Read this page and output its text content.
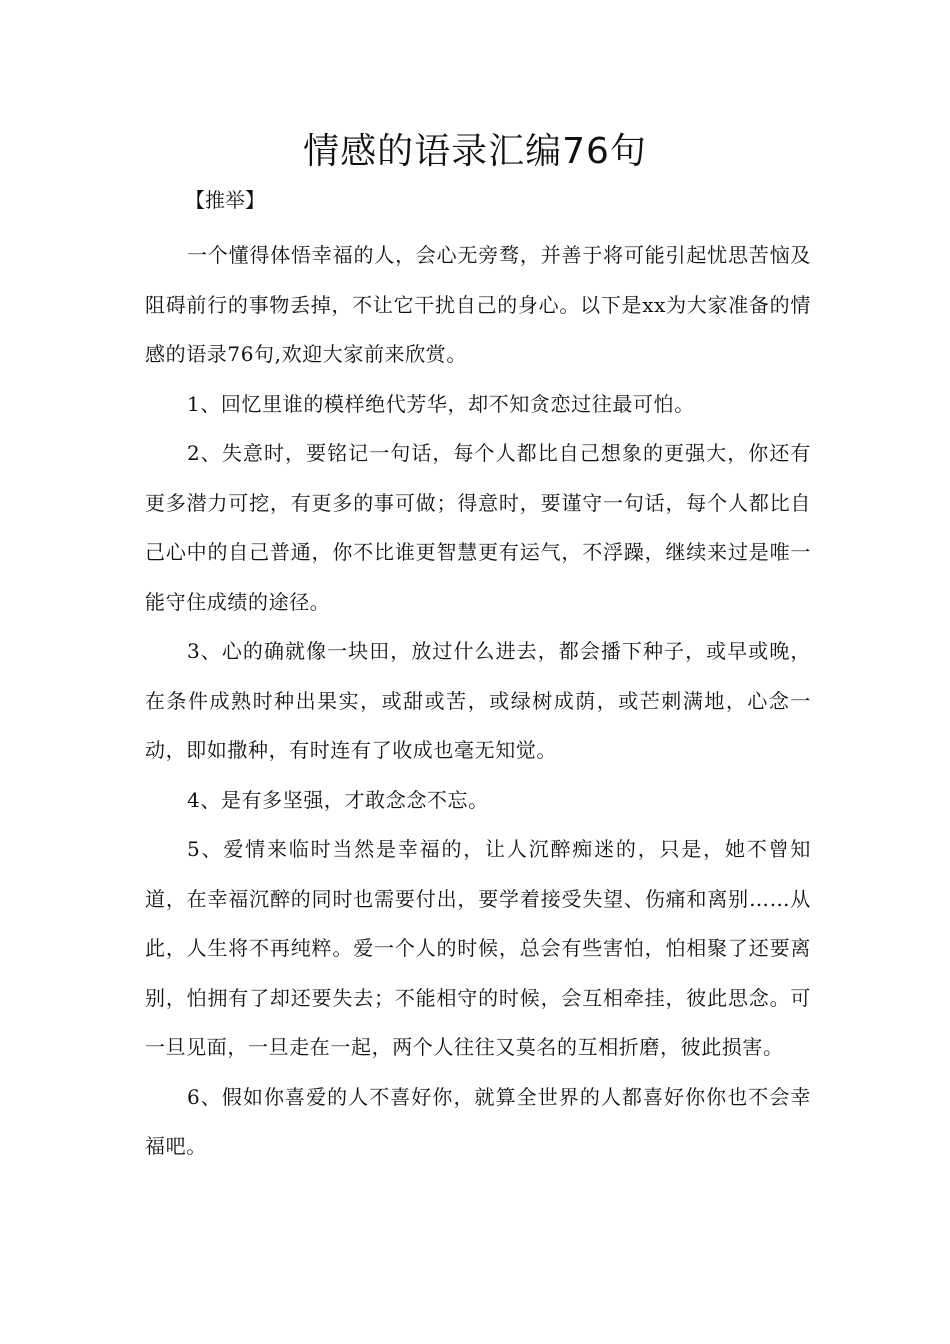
情感的语录汇编76句

【推举】

一个懂得体悟幸福的人，会心无旁骛，并善于将可能引起忧思苦恼及阻碍前行的事物丢掉，不让它干扰自己的身心。以下是xx为大家准备的情感的语录76句,欢迎大家前来欣赏。

1、回忆里谁的模样绝代芳华，却不知贪恋过往最可怕。

2、失意时，要铭记一句话，每个人都比自己想象的更强大，你还有更多潜力可挖，有更多的事可做；得意时，要谨守一句话，每个人都比自己心中的自己普通，你不比谁更智慧更有运气，不浮躁，继续来过是唯一能守住成绩的途径。

3、心的确就像一块田，放过什么进去，都会播下种子，或早或晚，在条件成熟时种出果实，或甜或苦，或绿树成荫，或芒刺满地，心念一动，即如撒种，有时连有了收成也毫无知觉。

4、是有多坚强，才敢念念不忘。

5、爱情来临时当然是幸福的，让人沉醉痴迷的，只是，她不曾知道，在幸福沉醉的同时也需要付出，要学着接受失望、伤痛和离别……从此，人生将不再纯粹。爱一个人的时候，总会有些害怕，怕相聚了还要离别，怕拥有了却还要失去；不能相守的时候，会互相牵挂，彼此思念。可一旦见面，一旦走在一起，两个人往往又莫名的互相折磨，彼此损害。

6、假如你喜爱的人不喜好你，就算全世界的人都喜好你你也不会幸福吧。
